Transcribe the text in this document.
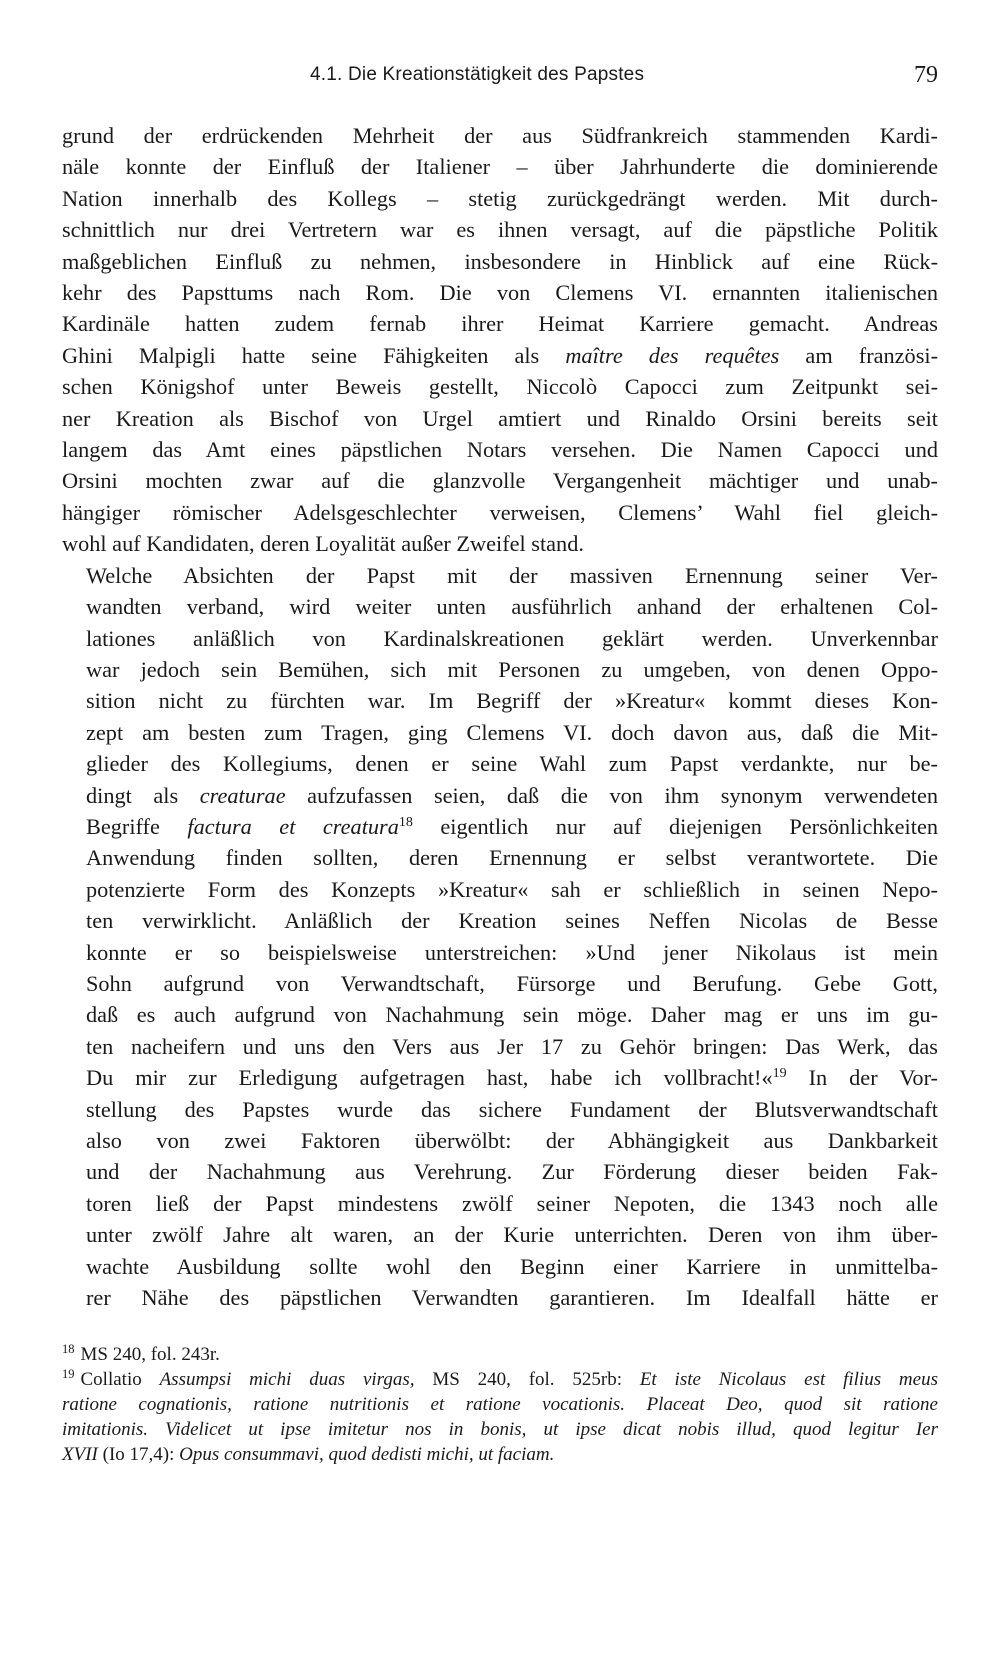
4.1. Die Kreationstätigkeit des Papstes	79

grund der erdrückenden Mehrheit der aus Südfrankreich stammenden Kardi-
näle konnte der Einfluß der Italiener – über Jahrhunderte die dominierende
Nation innerhalb des Kollegs – stetig zurückgedrängt werden. Mit durch-
schnittlich nur drei Vertretern war es ihnen versagt, auf die päpstliche Politik
maßgeblichen Einfluß zu nehmen, insbesondere in Hinblick auf eine Rück-
kehr des Papsttums nach Rom. Die von Clemens VI. ernannten italienischen
Kardinäle hatten zudem fernab ihrer Heimat Karriere gemacht. Andreas
Ghini Malpigli hatte seine Fähigkeiten als maître des requêtes am französi-
schen Königshof unter Beweis gestellt, Niccolò Capocci zum Zeitpunkt sei-
ner Kreation als Bischof von Urgel amtiert und Rinaldo Orsini bereits seit
langem das Amt eines päpstlichen Notars versehen. Die Namen Capocci und
Orsini mochten zwar auf die glanzvolle Vergangenheit mächtiger und unab-
hängiger römischer Adelsgeschlechter verweisen, Clemens’ Wahl fiel gleich-
wohl auf Kandidaten, deren Loyalität außer Zweifel stand.

Welche Absichten der Papst mit der massiven Ernennung seiner Ver-
wandten verband, wird weiter unten ausführlich anhand der erhaltenen Col-
lationes anläßlich von Kardinalskreationen geklärt werden. Unverkennbar
war jedoch sein Bemühen, sich mit Personen zu umgeben, von denen Oppo-
sition nicht zu fürchten war. Im Begriff der »Kreatur« kommt dieses Kon-
zept am besten zum Tragen, ging Clemens VI. doch davon aus, daß die Mit-
glieder des Kollegiums, denen er seine Wahl zum Papst verdankte, nur be-
dingt als creaturae aufzufassen seien, daß die von ihm synonym verwendeten
Begriffe factura et creatura$^{18}$ eigentlich nur auf diejenigen Persönlichkeiten
Anwendung finden sollten, deren Ernennung er selbst verantwortete. Die
potenzierte Form des Konzepts »Kreatur« sah er schließlich in seinen Nepo-
ten verwirklicht. Anläßlich der Kreation seines Neffen Nicolas de Besse
konnte er so beispielsweise unterstreichen: »Und jener Nikolaus ist mein
Sohn aufgrund von Verwandtschaft, Fürsorge und Berufung. Gebe Gott,
daß es auch aufgrund von Nachahmung sein möge. Daher mag er uns im gu-
ten nacheifern und uns den Vers aus Jer 17 zu Gehör bringen: Das Werk, das
Du mir zur Erledigung aufgetragen hast, habe ich vollbracht!«$^{19}$ In der Vor-
stellung des Papstes wurde das sichere Fundament der Blutsverwandtschaft
also von zwei Faktoren überwölbt: der Abhängigkeit aus Dankbarkeit
und der Nachahmung aus Verehrung. Zur Förderung dieser beiden Fak-
toren ließ der Papst mindestens zwölf seiner Nepoten, die 1343 noch alle
unter zwölf Jahre alt waren, an der Kurie unterrichten. Deren von ihm über-
wachte Ausbildung sollte wohl den Beginn einer Karriere in unmittelba-
rer Nähe des päpstlichen Verwandten garantieren. Im Idealfall hätte er

$^{18}$ MS 240, fol. 243r.
$^{19}$ Collatio Assumpsi michi duas virgas, MS 240, fol. 525rb: Et iste Nicolaus est filius meus
ratione cognationis, ratione nutritionis et ratione vocationis. Placeat Deo, quod sit ratione
imitationis. Videlicet ut ipse imitetur nos in bonis, ut ipse dicat nobis illud, quod legitur Ier
XVII (Io 17,4): Opus consummavi, quod dedisti michi, ut faciam.
